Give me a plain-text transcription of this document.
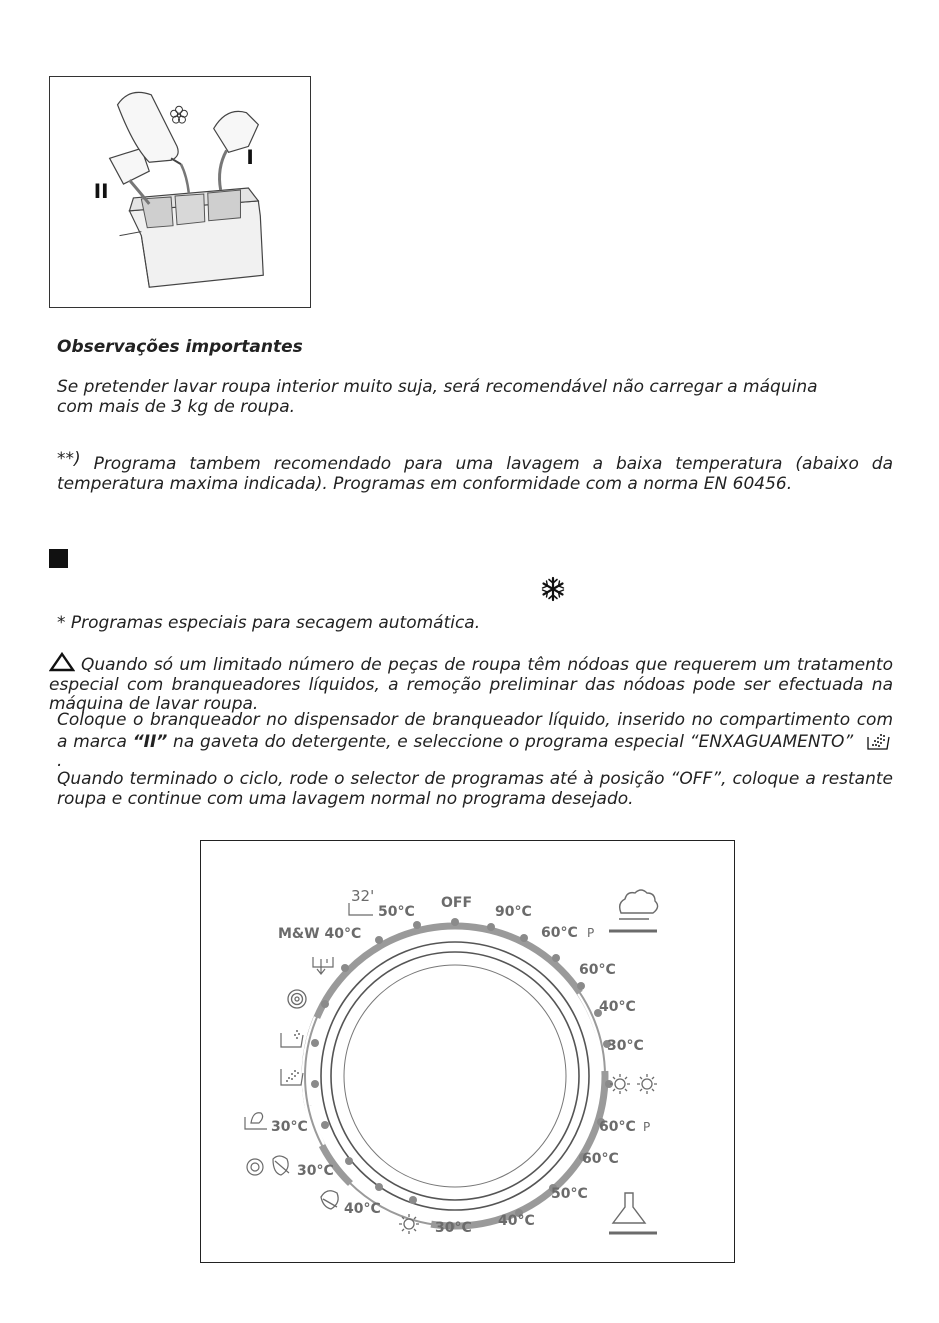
I
II
Observações importantes
Se pretender lavar roupa interior muito suja, será recomendável não carregar a máquina com mais de 3 kg de roupa.
**) Programa tambem recomendado para uma lavagem a baixa temperatura (abaixo da temperatura maxima indicada). Programas em conformidade com a norma EN 60456.
* Programas especiais para secagem automática.
Quando só um limitado número de peças de roupa têm nódoas que requerem um tratamento especial com branqueadores líquidos, a remoção preliminar das nódoas pode ser efectuada na máquina de lavar roupa.
Coloque o branqueador no dispensador de branqueador líquido, inserido no compartimento com a marca “II” na gaveta do detergente, e seleccione o programa especial “ENXAGUAMENTO” .
Quando terminado o ciclo, rode o selector de programas até à posição “OFF”, coloque a restante roupa e continue com uma lavagem normal no programa desejado.
OFF
32'
50°C	90°C
M&W 40°C	60°C P
60°C
40°C
30°C
60°C P
60°C
50°C
40°C
30°C
40°C
30°C
30°C
